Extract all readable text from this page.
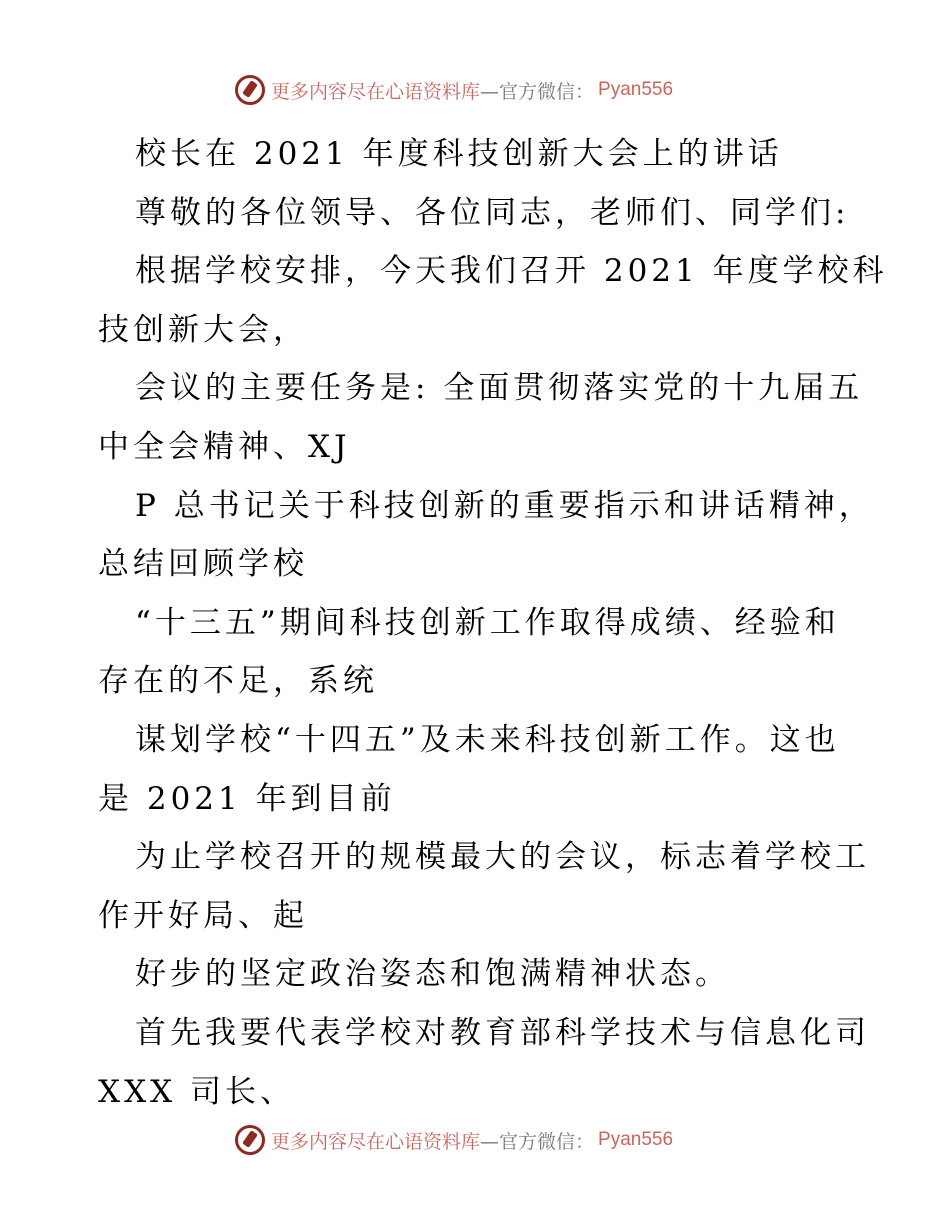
更多内容尽在心语资料库 —官方微信： Pyan556
校长在 2021 年度科技创新大会上的讲话
尊敬的各位领导、各位同志，老师们、同学们:
根据学校安排，今天我们召开 2021 年度学校科
技创新大会，
会议的主要任务是: 全面贯彻落实党的十九届五
中全会精神、XJ
P 总书记关于科技创新的重要指示和讲话精神，
总结回顾学校
“十三五”期间科技创新工作取得成绩、经验和
存在的不足，系统
谋划学校“十四五”及未来科技创新工作。这也
是 2021 年到目前
为止学校召开的规模最大的会议，标志着学校工
作开好局、起
好步的坚定政治姿态和饱满精神状态。
首先我要代表学校对教育部科学技术与信息化司
XXX 司长、
更多内容尽在心语资料库 —官方微信： Pyan556
